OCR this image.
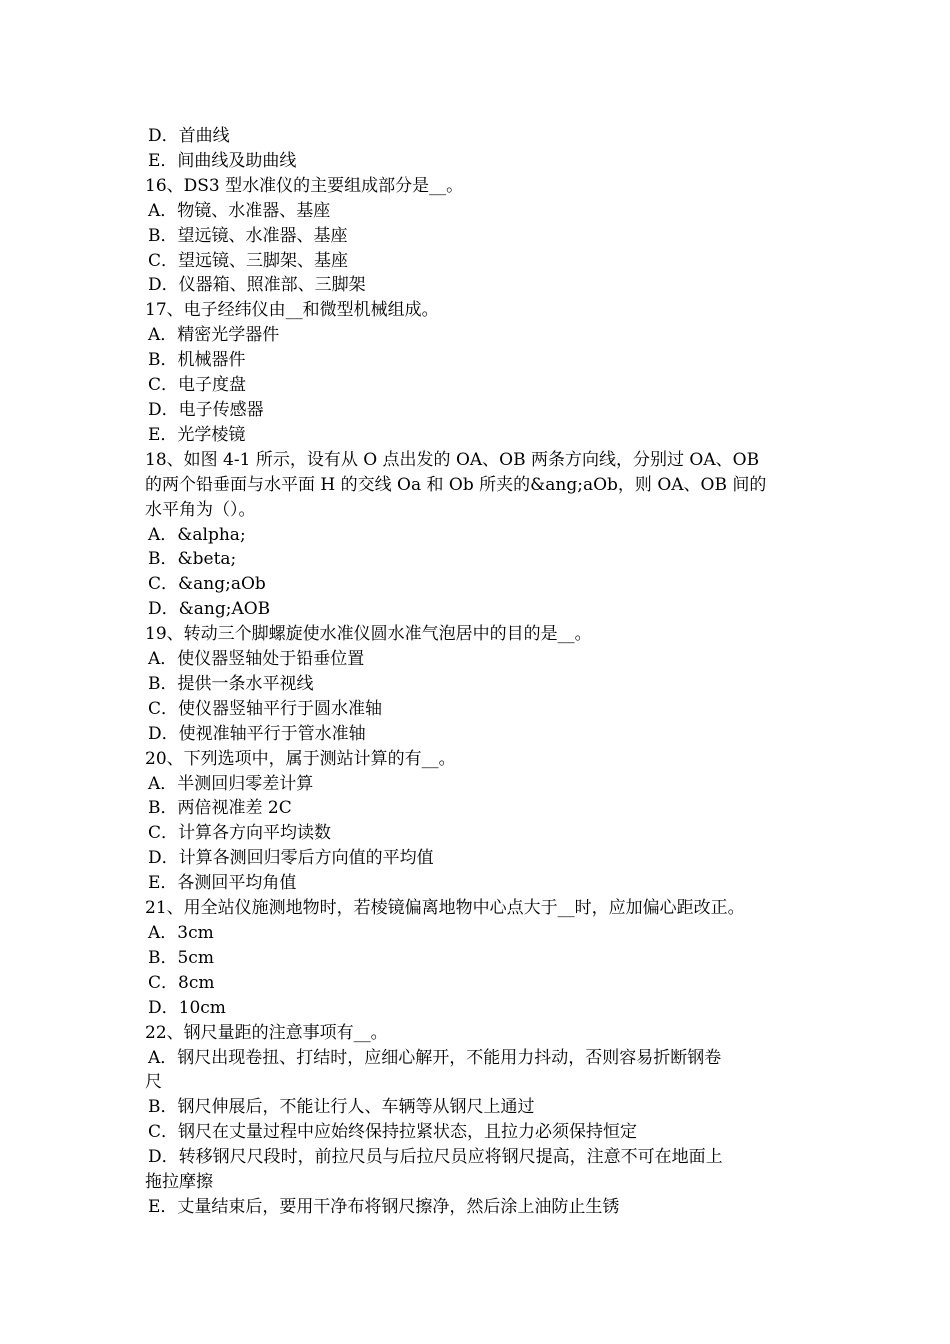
D．首曲线
E．间曲线及助曲线
16、DS3 型水准仪的主要组成部分是__。
A．物镜、水准器、基座
B．望远镜、水准器、基座
C．望远镜、三脚架、基座
D．仪器箱、照准部、三脚架
17、电子经纬仪由__和微型机械组成。
A．精密光学器件
B．机械器件
C．电子度盘
D．电子传感器
E．光学棱镜
18、如图 4-1 所示，设有从 O 点出发的 OA、OB 两条方向线，分别过 OA、OB
的两个铅垂面与水平面 H 的交线 Oa 和 Ob 所夹的&ang;aOb，则 OA、OB 间的
水平角为（）。
A．&alpha;
B．&beta;
C．&ang;aOb
D．&ang;AOB
19、转动三个脚螺旋使水准仪圆水准气泡居中的目的是__。
A．使仪器竖轴处于铅垂位置
B．提供一条水平视线
C．使仪器竖轴平行于圆水准轴
D．使视准轴平行于管水准轴
20、下列选项中，属于测站计算的有__。
A．半测回归零差计算
B．两倍视准差 2C
C．计算各方向平均读数
D．计算各测回归零后方向值的平均值
E．各测回平均角值
21、用全站仪施测地物时，若棱镜偏离地物中心点大于__时，应加偏心距改正。
A．3cm
B．5cm
C．8cm
D．10cm
22、钢尺量距的注意事项有__。
A．钢尺出现卷扭、打结时，应细心解开，不能用力抖动，否则容易折断钢卷
尺
B．钢尺伸展后，不能让行人、车辆等从钢尺上通过
C．钢尺在丈量过程中应始终保持拉紧状态，且拉力必须保持恒定
D．转移钢尺尺段时，前拉尺员与后拉尺员应将钢尺提高，注意不可在地面上
拖拉摩擦
E．丈量结束后，要用干净布将钢尺擦净，然后涂上油防止生锈
